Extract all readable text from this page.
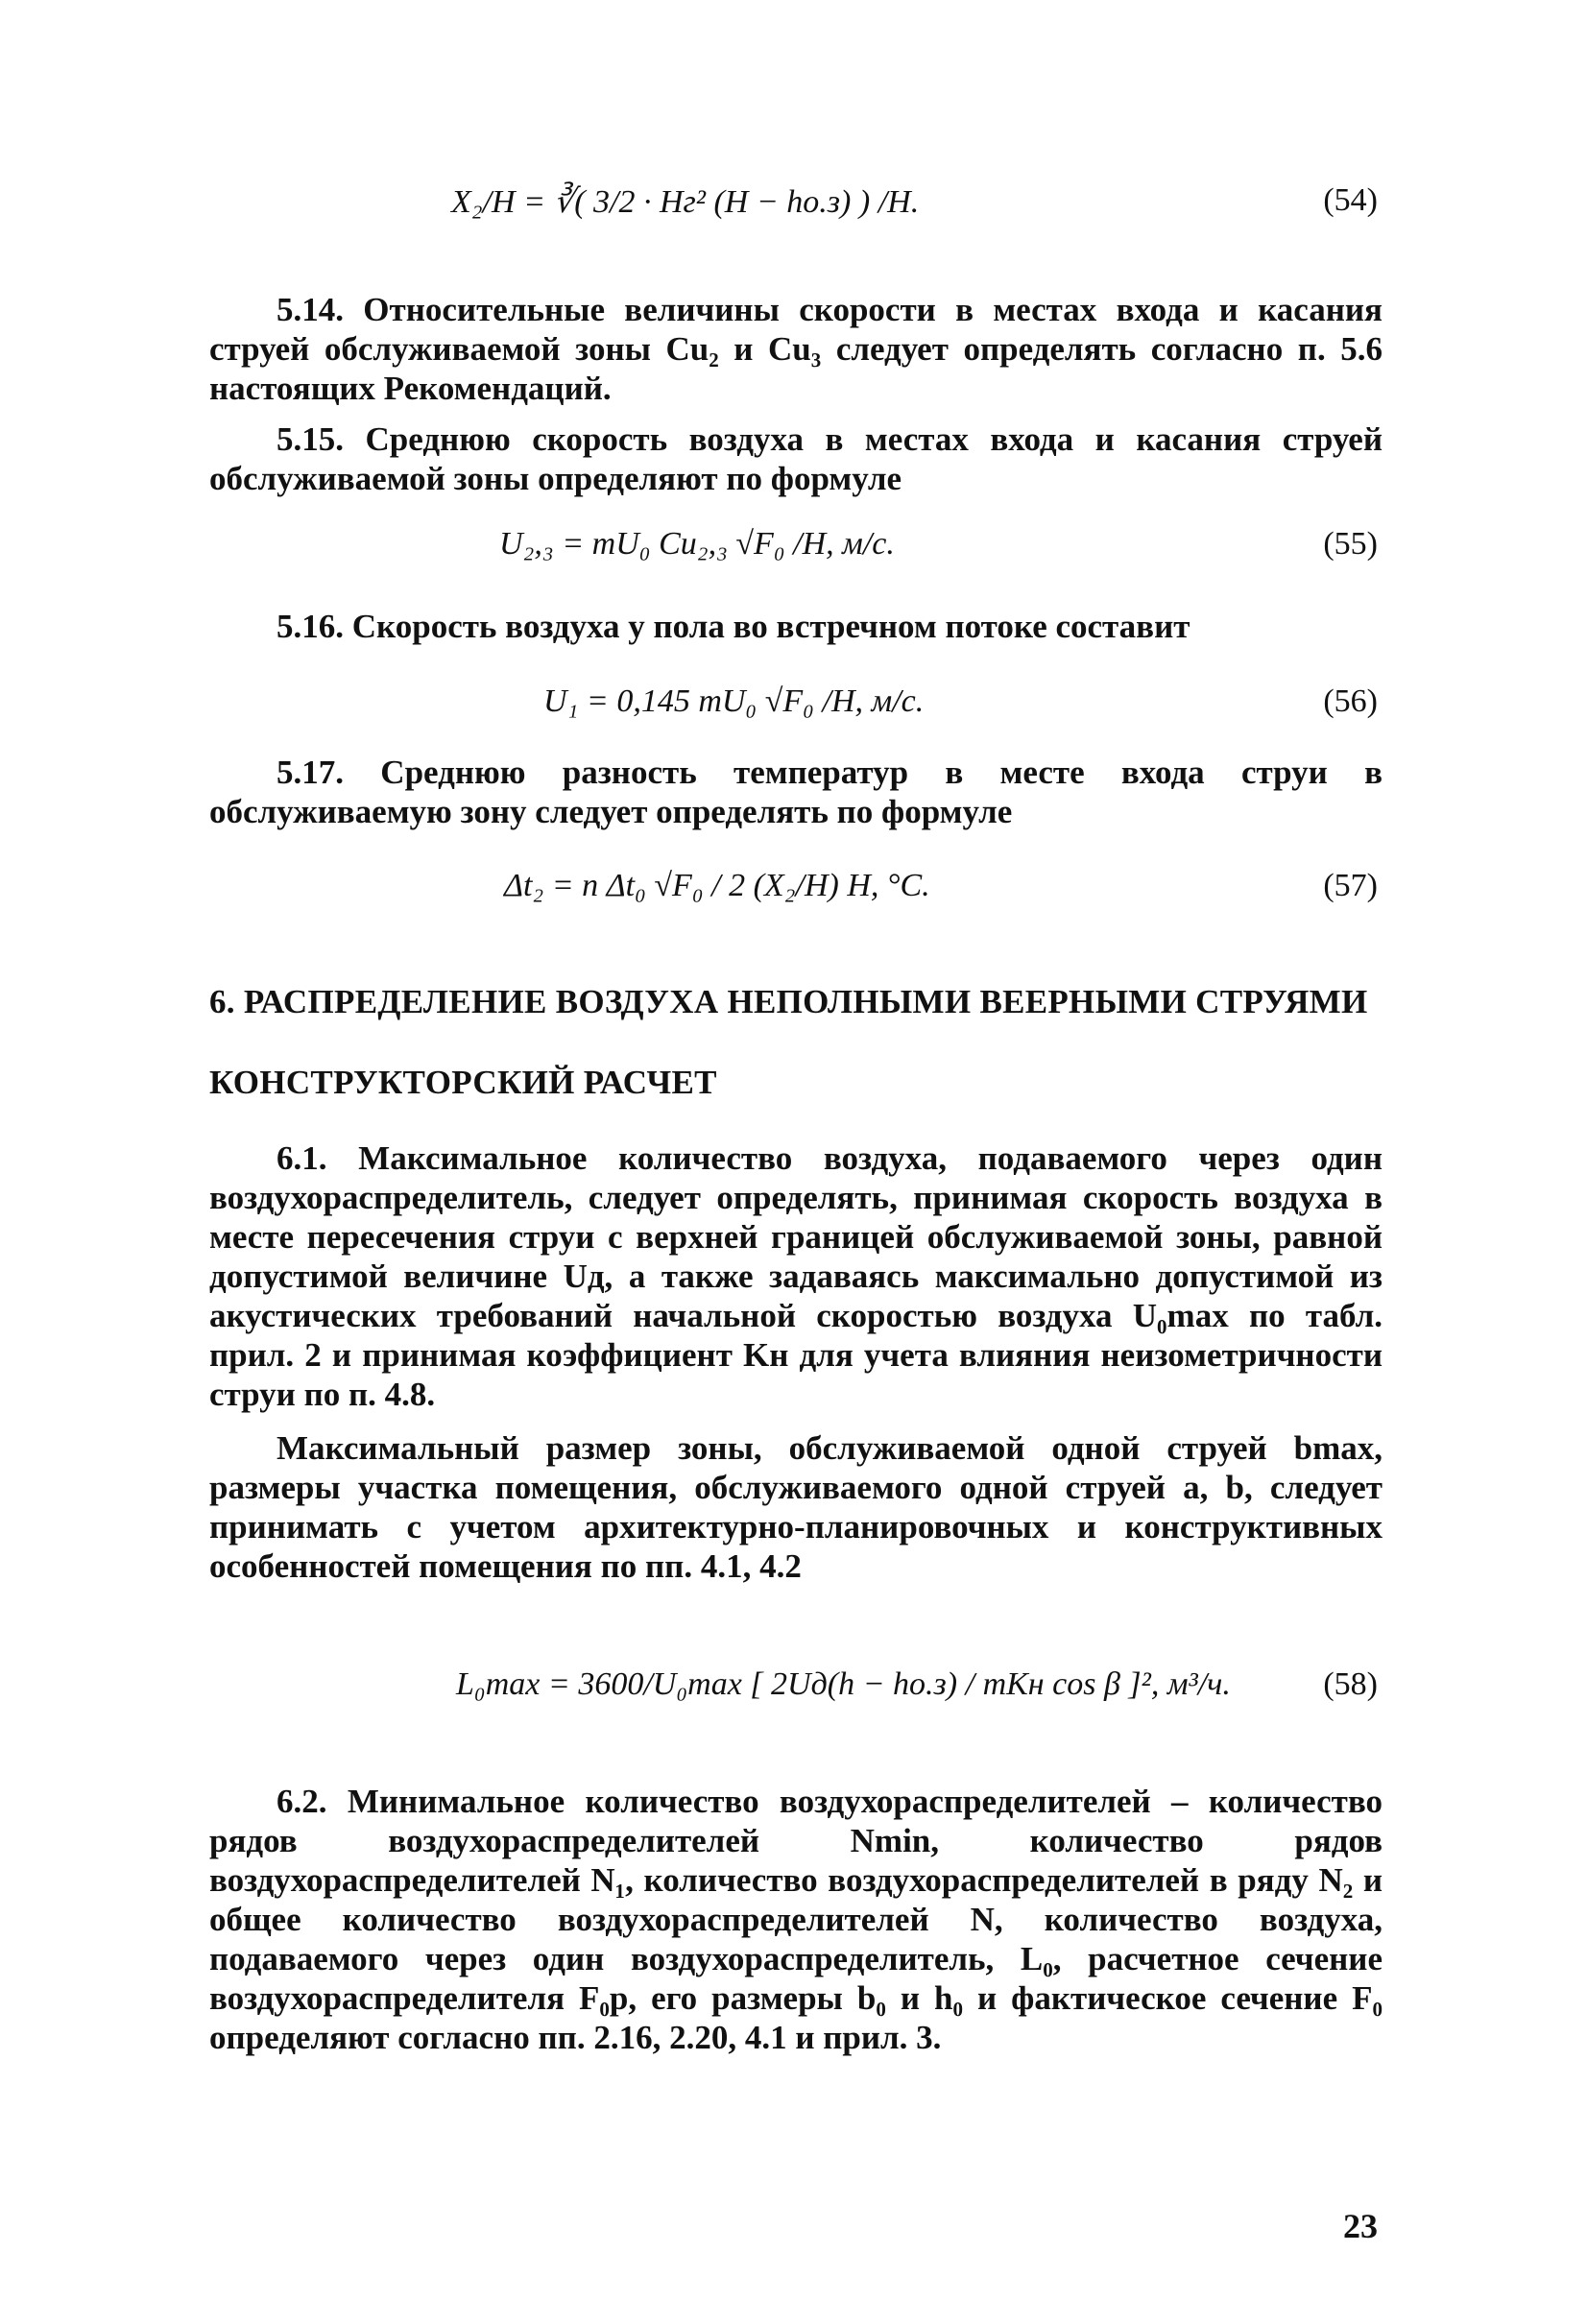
X₂/H = ∛( 3/2 · Hг² (H − hо.з) ) /H.	(54)

5.14. Относительные величины скорости в местах входа и касания струей обслуживаемой зоны Cu₂ и Cu₃ следует определять согласно п. 5.6 настоящих Рекомендаций.

5.15. Среднюю скорость воздуха в местах входа и касания струей обслуживаемой зоны определяют по формуле

U₂,₃ = mU₀ Cu₂,₃ √F₀ /H, м/с.	(55)

5.16. Скорость воздуха у пола во встречном потоке составит

U₁ = 0,145 mU₀ √F₀ /H, м/с.	(56)

5.17. Среднюю разность температур в месте входа струи в обслуживаемую зону следует определять по формуле

Δt₂ = n Δt₀ √F₀ / 2 (X₂/H) H, °C.	(57)
6. РАСПРЕДЕЛЕНИЕ ВОЗДУХА НЕПОЛНЫМИ ВЕЕРНЫМИ СТРУЯМИ
КОНСТРУКТОРСКИЙ РАСЧЕТ

6.1. Максимальное количество воздуха, подаваемого через один воздухораспределитель, следует определять, принимая скорость воздуха в месте пересечения струи с верхней границей обслуживаемой зоны, равной допустимой величине Uд, а также задаваясь максимально допустимой из акустических требований начальной скоростью воздуха U₀max по табл. прил. 2 и принимая коэффициент Kн для учета влияния неизометричности струи по п. 4.8.

Максимальный размер зоны, обслуживаемой одной струей bmax, размеры участка помещения, обслуживаемого одной струей a, b, следует принимать с учетом архитектурно-планировочных и конструктивных особенностей помещения по пп. 4.1, 4.2

L₀max = 3600/U₀max [ 2Uд(h − hо.з) / mKн cos β ]², м³/ч.	(58)

6.2. Минимальное количество воздухораспределителей – количество рядов воздухораспределителей Nmin, количество рядов воздухораспределителей N₁, количество воздухораспределителей в ряду N₂ и общее количество воздухораспределителей N, количество воздуха, подаваемого через один воздухораспределитель, L₀, расчетное сечение воздухораспределителя F₀р, его размеры b₀ и h₀ и фактическое сечение F₀ определяют согласно пп. 2.16, 2.20, 4.1 и прил. 3.

23
